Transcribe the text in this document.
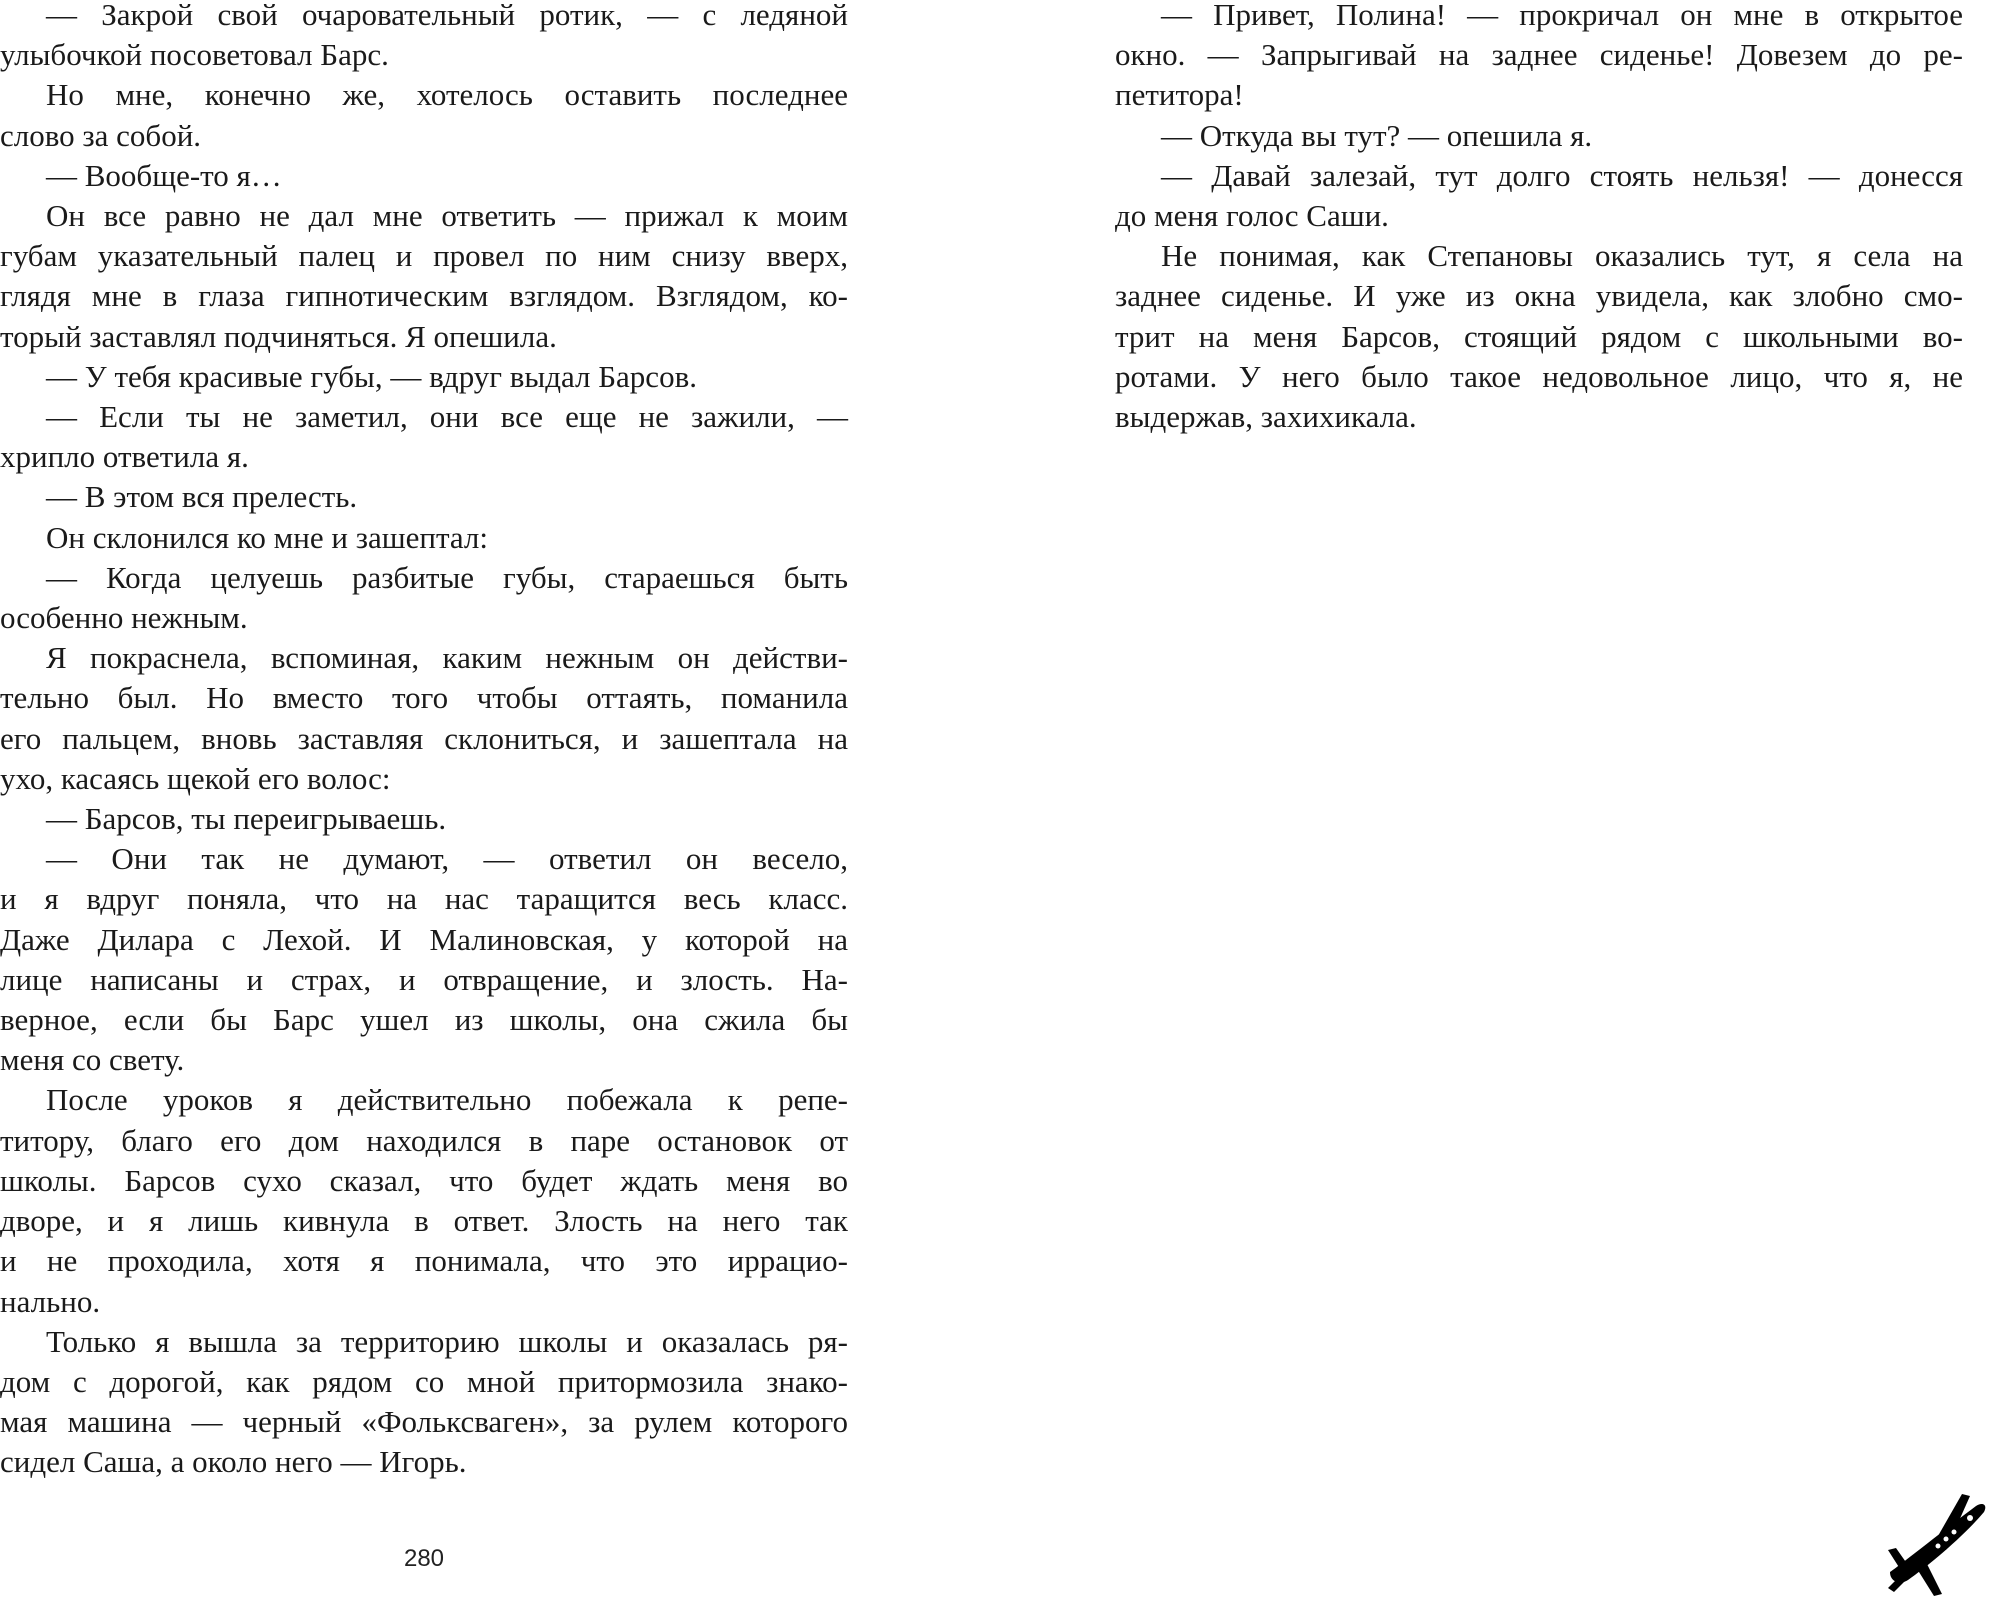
— Закрой свой очаровательный ротик, — с ледяной
улыбочкой посоветовал Барс.
Но мне, конечно же, хотелось оставить последнее
слово за собой.
— Вообще-то я…
Он все равно не дал мне ответить — прижал к моим
губам указательный палец и провел по ним снизу вверх,
глядя мне в глаза гипнотическим взглядом. Взглядом, ко-
торый заставлял подчиняться. Я опешила.
— У тебя красивые губы, — вдруг выдал Барсов.
— Если ты не заметил, они все еще не зажили, —
хрипло ответила я.
— В этом вся прелесть.
Он склонился ко мне и зашептал:
— Когда целуешь разбитые губы, стараешься быть
особенно нежным.
Я покраснела, вспоминая, каким нежным он действи-
тельно был. Но вместо того чтобы оттаять, поманила
его пальцем, вновь заставляя склониться, и зашептала на
ухо, касаясь щекой его волос:
— Барсов, ты переигрываешь.
— Они так не думают, — ответил он весело,
и я вдруг поняла, что на нас таращится весь класс.
Даже Дилара с Лехой. И Малиновская, у которой на
лице написаны и страх, и отвращение, и злость. На-
верное, если бы Барс ушел из школы, она сжила бы
меня со свету.
После уроков я действительно побежала к репе-
титору, благо его дом находился в паре остановок от
школы. Барсов сухо сказал, что будет ждать меня во
дворе, и я лишь кивнула в ответ. Злость на него так
и не проходила, хотя я понимала, что это иррацио-
нально.
Только я вышла за территорию школы и оказалась ря-
дом с дорогой, как рядом со мной притормозила знако-
мая машина — черный «Фольксваген», за рулем которого
сидел Саша, а около него — Игорь.
— Привет, Полина! — прокричал он мне в открытое
окно. — Запрыгивай на заднее сиденье! Довезем до ре-
петитора!
— Откуда вы тут? — опешила я.
— Давай залезай, тут долго стоять нельзя! — донесся
до меня голос Саши.
Не понимая, как Степановы оказались тут, я села на
заднее сиденье. И уже из окна увидела, как злобно смо-
трит на меня Барсов, стоящий рядом с школьными во-
ротами. У него было такое недовольное лицо, что я, не
выдержав, захихикала.
280
